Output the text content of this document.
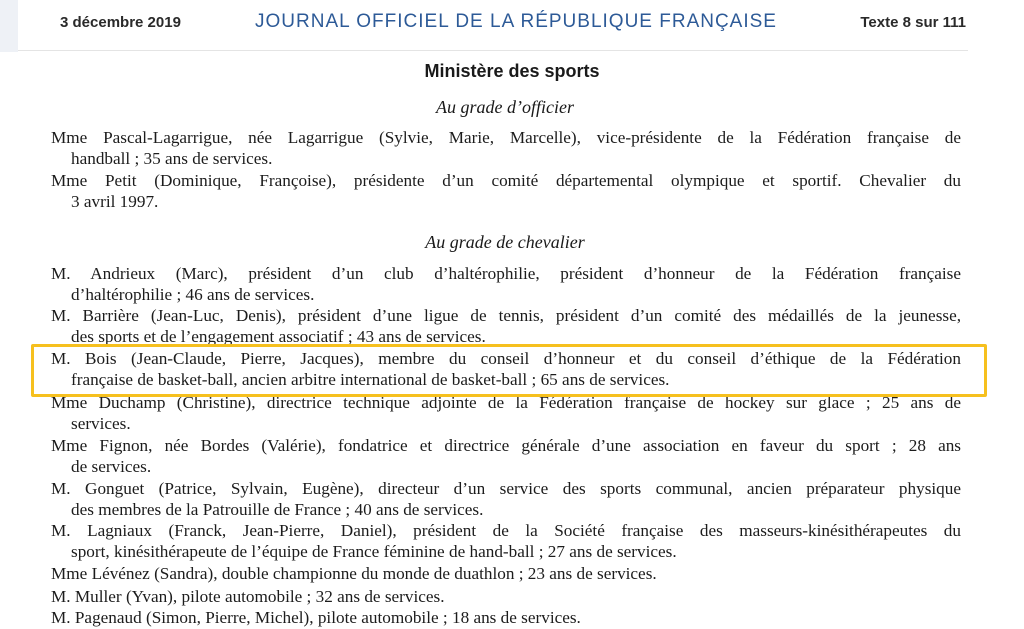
3 décembre 2019	JOURNAL OFFICIEL DE LA RÉPUBLIQUE FRANÇAISE	Texte 8 sur 111
Ministère des sports
Au grade d’officier
Mme Pascal-Lagarrigue, née Lagarrigue (Sylvie, Marie, Marcelle), vice-présidente de la Fédération française de
handball ; 35 ans de services.
Mme Petit (Dominique, Françoise), présidente d’un comité départemental olympique et sportif. Chevalier du
3 avril 1997.
Au grade de chevalier
M. Andrieux (Marc), président d’un club d’haltérophilie, président d’honneur de la Fédération française
d’haltérophilie ; 46 ans de services.
M. Barrière (Jean-Luc, Denis), président d’une ligue de tennis, président d’un comité des médaillés de la jeunesse,
des sports et de l’engagement associatif ; 43 ans de services.
M. Bois (Jean-Claude, Pierre, Jacques), membre du conseil d’honneur et du conseil d’éthique de la Fédération
française de basket-ball, ancien arbitre international de basket-ball ; 65 ans de services.
Mme Duchamp (Christine), directrice technique adjointe de la Fédération française de hockey sur glace ; 25 ans de
services.
Mme Fignon, née Bordes (Valérie), fondatrice et directrice générale d’une association en faveur du sport ; 28 ans
de services.
M. Gonguet (Patrice, Sylvain, Eugène), directeur d’un service des sports communal, ancien préparateur physique
des membres de la Patrouille de France ; 40 ans de services.
M. Lagniaux (Franck, Jean-Pierre, Daniel), président de la Société française des masseurs-kinésithérapeutes du
sport, kinésithérapeute de l’équipe de France féminine de hand-ball ; 27 ans de services.
Mme Lévénez (Sandra), double championne du monde de duathlon ; 23 ans de services.
M. Muller (Yvan), pilote automobile ; 32 ans de services.
M. Pagenaud (Simon, Pierre, Michel), pilote automobile ; 18 ans de services.
